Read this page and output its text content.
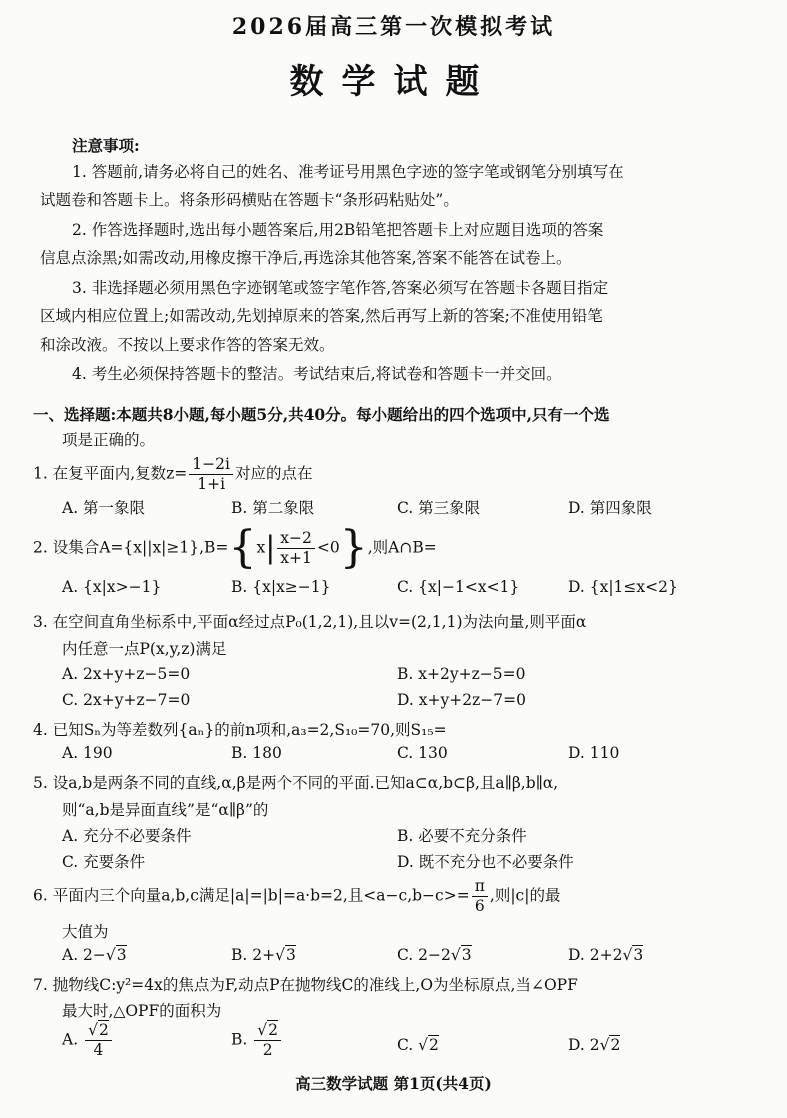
2026届高三第一次模拟考试
数学试题
注意事项:
1. 答题前,请务必将自己的姓名、准考证号用黑色字迹的签字笔或钢笔分别填写在
试题卷和答题卡上。将条形码横贴在答题卡“条形码粘贴处”。
2. 作答选择题时,选出每小题答案后,用2B铅笔把答题卡上对应题目选项的答案
信息点涂黑;如需改动,用橡皮擦干净后,再选涂其他答案,答案不能答在试卷上。
3. 非选择题必须用黑色字迹钢笔或签字笔作答,答案必须写在答题卡各题目指定
区域内相应位置上;如需改动,先划掉原来的答案,然后再写上新的答案;不准使用铅笔
和涂改液。不按以上要求作答的答案无效。
4. 考生必须保持答题卡的整洁。考试结束后,将试卷和答题卡一并交回。
一、选择题:本题共8小题,每小题5分,共40分。每小题给出的四个选项中,只有一个选
项是正确的。
1. 在复平面内,复数$z= \frac{1-2i}{1+i}$ 对应的点在
A. 第一象限	B. 第二象限	C. 第三象限	D. 第四象限
2. 设集合$A=\{x||x|\ge 1\},B=\{x| \frac{x-2}{x+1} <0\}$,则A∩B=
A. {x|x>−1}	B. {x|x≥−1}	C. {x|−1<x<1}	D. {x|1≤x<2}
3. 在空间直角坐标系中,平面α经过点P₀(1,2,1),且以v=(2,1,1)为法向量,则平面α
内任意一点P(x,y,z)满足
A. 2x+y+z−5=0	B. x+2y+z−5=0
C. 2x+y+z−7=0	D. x+y+2z−7=0
4. 已知Sₙ为等差数列{aₙ}的前n项和,a₃=2,S₁₀=70,则S₁₅=
A. 190	B. 180	C. 130	D. 110
5. 设a,b是两条不同的直线,α,β是两个不同的平面.已知a⊂α,b⊂β,且a∥β,b∥α,
则“a,b是异面直线”是“α∥β”的
A. 充分不必要条件	B. 必要不充分条件
C. 充要条件	D. 既不充分也不必要条件
6. 平面内三个向量a,b,c满足|a|=|b|=a·b=2,且$<a-c,b-c>= \frac{\pi}{6}$ ,则|c|的最
大值为
A. 2−√3	B. 2+√3	C. 2−2√3	D. 2+2√3
7. 抛物线C:y²=4x的焦点为F,动点P在抛物线C的准线上,O为坐标原点,当∠OPF
最大时,△OPF的面积为
A. $\frac{√2}{4}$	B. $\frac{√2}{2}$	C. √2	D. 2√2
高三数学试题 第1页(共4页)
